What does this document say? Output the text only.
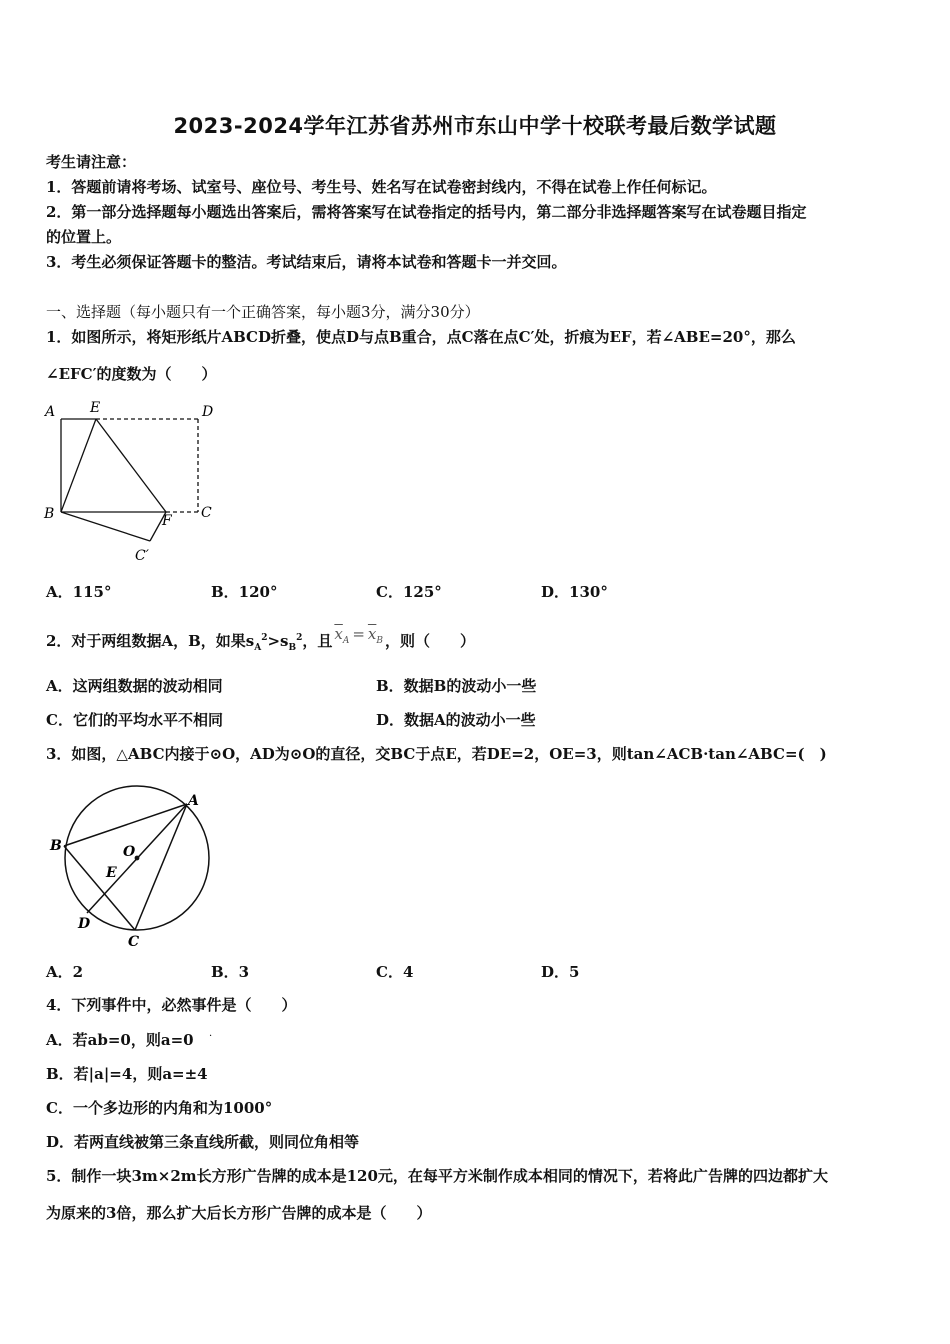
2023-2024学年江苏省苏州市东山中学十校联考最后数学试题
考生请注意：
1．答题前请将考场、试室号、座位号、考生号、姓名写在试卷密封线内，不得在试卷上作任何标记。
2．第一部分选择题每小题选出答案后，需将答案写在试卷指定的括号内，第二部分非选择题答案写在试卷题目指定
的位置上。
3．考生必须保证答题卡的整洁。考试结束后，请将本试卷和答题卡一并交回。
一、选择题（每小题只有一个正确答案，每小题3分，满分30分）
1．如图所示，将矩形纸片ABCD折叠，使点D与点B重合，点C落在点C′处，折痕为EF，若∠ABE=20°，那么
∠EFC′的度数为（　　）
A E	D
B	F C
C′
A．115°	B．120°	C．125°	D．130°
2．对于两组数据A，B，如果$s_A^2>s_B^2$，且 $\overline{x}_A = \overline{x}_B$ ，则（　　）
A．这两组数据的波动相同	B．数据B的波动小一些
C．它们的平均水平不相同	D．数据A的波动小一些
3．如图，△ABC内接于⊙O，AD为⊙O的直径，交BC于点E，若DE=2，OE=3，则tan∠ACB·tan∠ABC=(　)
A
B	O
E
D
C
A．2	B．3	C．4	D．5
4．下列事件中，必然事件是（　　）
A．若ab=0，则a=0 ·
B．若|a|=4，则a=±4
C．一个多边形的内角和为1000°
D．若两直线被第三条直线所截，则同位角相等
5．制作一块3m×2m长方形广告牌的成本是120元，在每平方米制作成本相同的情况下，若将此广告牌的四边都扩大
为原来的3倍，那么扩大后长方形广告牌的成本是（　　）
